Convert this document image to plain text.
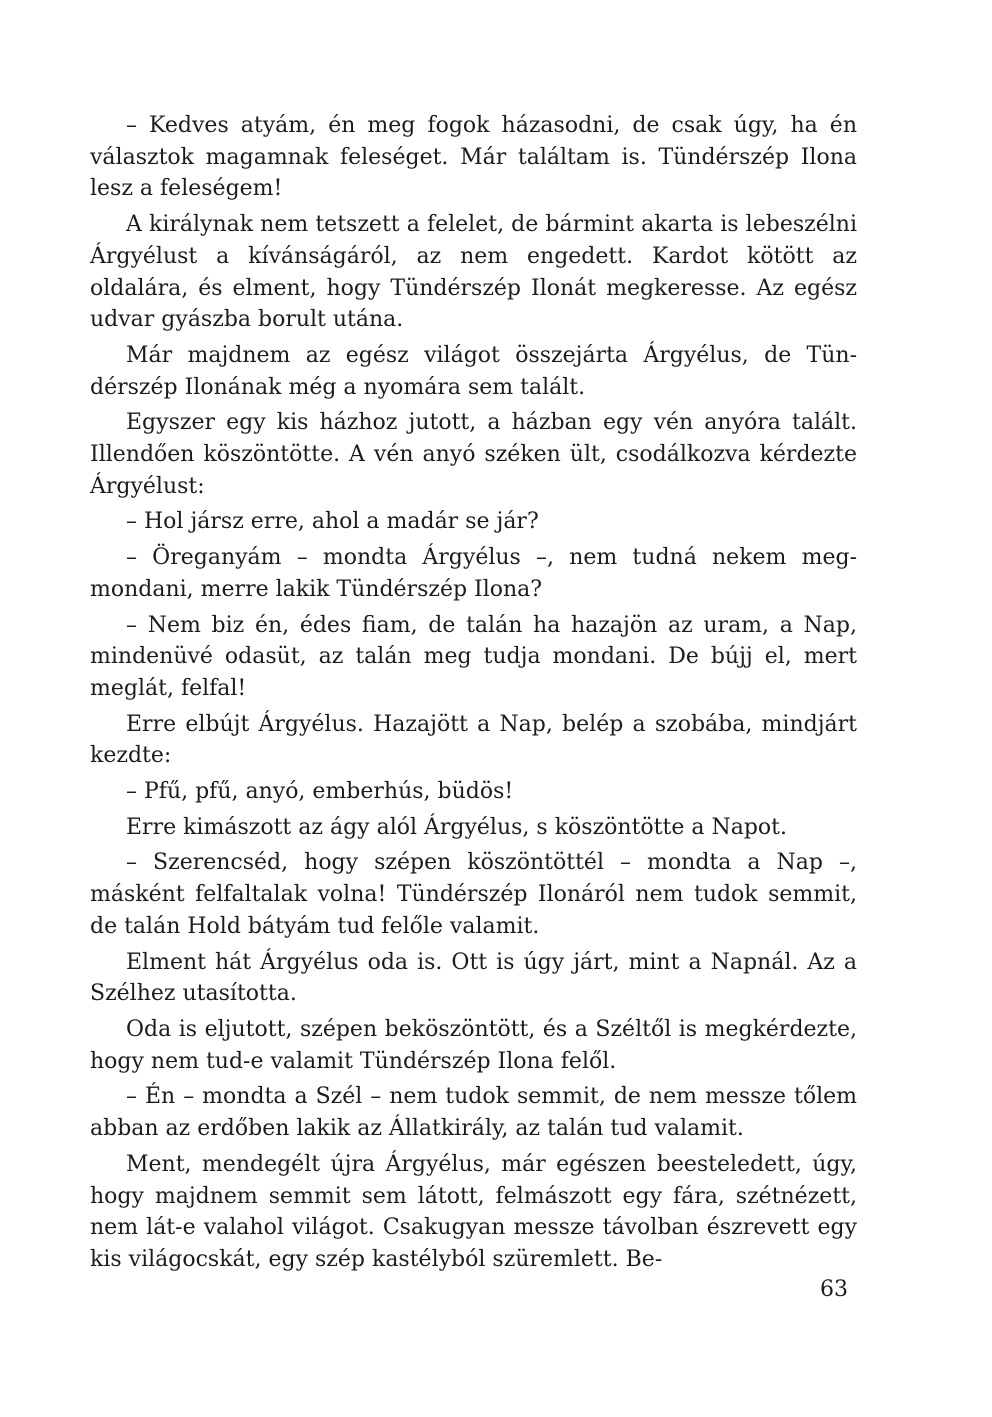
– Kedves atyám, én meg fogok házasodni, de csak úgy, ha én választok magamnak feleséget. Már találtam is. Tündérszép Ilona lesz a feleségem!

A királynak nem tetszett a felelet, de bármint akarta is lebeszélni Árgyélust a kívánságáról, az nem engedett. Kardot kötött az oldalára, és elment, hogy Tündérszép Ilonát megkeresse. Az egész udvar gyászba borult utána.

Már majdnem az egész világot összejárta Árgyélus, de Tündérszép Ilonának még a nyomára sem talált.

Egyszer egy kis házhoz jutott, a házban egy vén anyóra talált. Illendően köszöntötte. A vén anyó széken ült, csodálkozva kérdezte Árgyélust:

– Hol jársz erre, ahol a madár se jár?

– Öreganyám – mondta Árgyélus –, nem tudná nekem megmondani, merre lakik Tündérszép Ilona?

– Nem biz én, édes fiam, de talán ha hazajön az uram, a Nap, mindenüvé odasüt, az talán meg tudja mondani. De bújj el, mert meglát, felfal!

Erre elbújt Árgyélus. Hazajött a Nap, belép a szobába, mindjárt kezdte:

– Pfű, pfű, anyó, emberhús, büdös!

Erre kimászott az ágy alól Árgyélus, s köszöntötte a Napot.

– Szerencséd, hogy szépen köszöntöttél – mondta a Nap –, másként felfaltalak volna! Tündérszép Ilonáról nem tudok semmit, de talán Hold bátyám tud felőle valamit.

Elment hát Árgyélus oda is. Ott is úgy járt, mint a Napnál. Az a Szélhez utasította.

Oda is eljutott, szépen beköszöntött, és a Széltől is megkérdezte, hogy nem tud-e valamit Tündérszép Ilona felől.

– Én – mondta a Szél – nem tudok semmit, de nem messze tőlem abban az erdőben lakik az Állatkirály, az talán tud valamit.

Ment, mendegélt újra Árgyélus, már egészen beesteledett, úgy, hogy majdnem semmit sem látott, felmászott egy fára, szétnézett, nem lát-e valahol világot. Csakugyan messze távolban észrevett egy kis világocskát, egy szép kastélyból szüremlett. Be-

63
